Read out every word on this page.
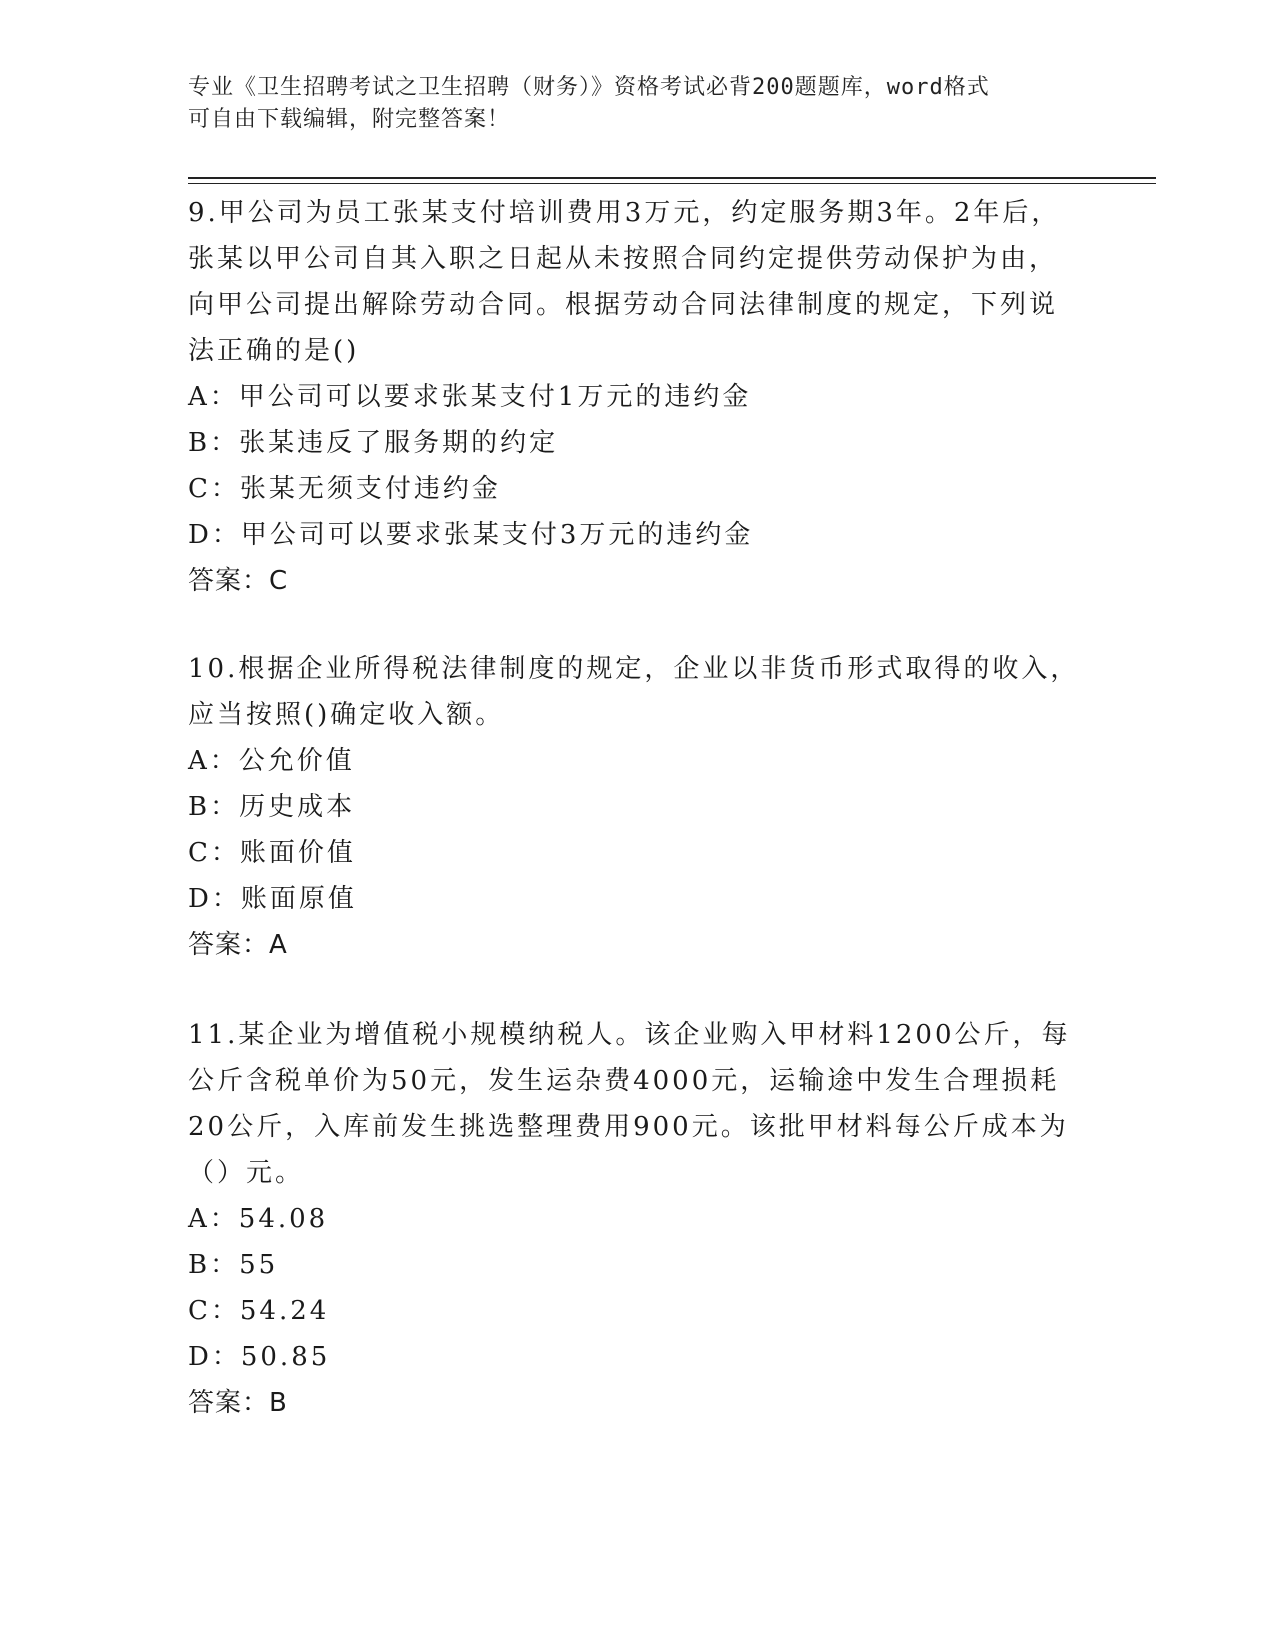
专业《卫生招聘考试之卫生招聘（财务）》资格考试必背200题题库，word格式
可自由下载编辑，附完整答案！
9.甲公司为员工张某支付培训费用3万元，约定服务期3年。2年后，
张某以甲公司自其入职之日起从未按照合同约定提供劳动保护为由，
向甲公司提出解除劳动合同。根据劳动合同法律制度的规定，下列说
法正确的是()
A：甲公司可以要求张某支付1万元的违约金
B：张某违反了服务期的约定
C：张某无须支付违约金
D：甲公司可以要求张某支付3万元的违约金
答案：C
10.根据企业所得税法律制度的规定，企业以非货币形式取得的收入，
应当按照()确定收入额。
A：公允价值
B：历史成本
C：账面价值
D：账面原值
答案：A
11.某企业为增值税小规模纳税人。该企业购入甲材料1200公斤，每
公斤含税单价为50元，发生运杂费4000元，运输途中发生合理损耗
20公斤，入库前发生挑选整理费用900元。该批甲材料每公斤成本为
（）元。
A：54.08
B：55
C：54.24
D：50.85
答案：B
